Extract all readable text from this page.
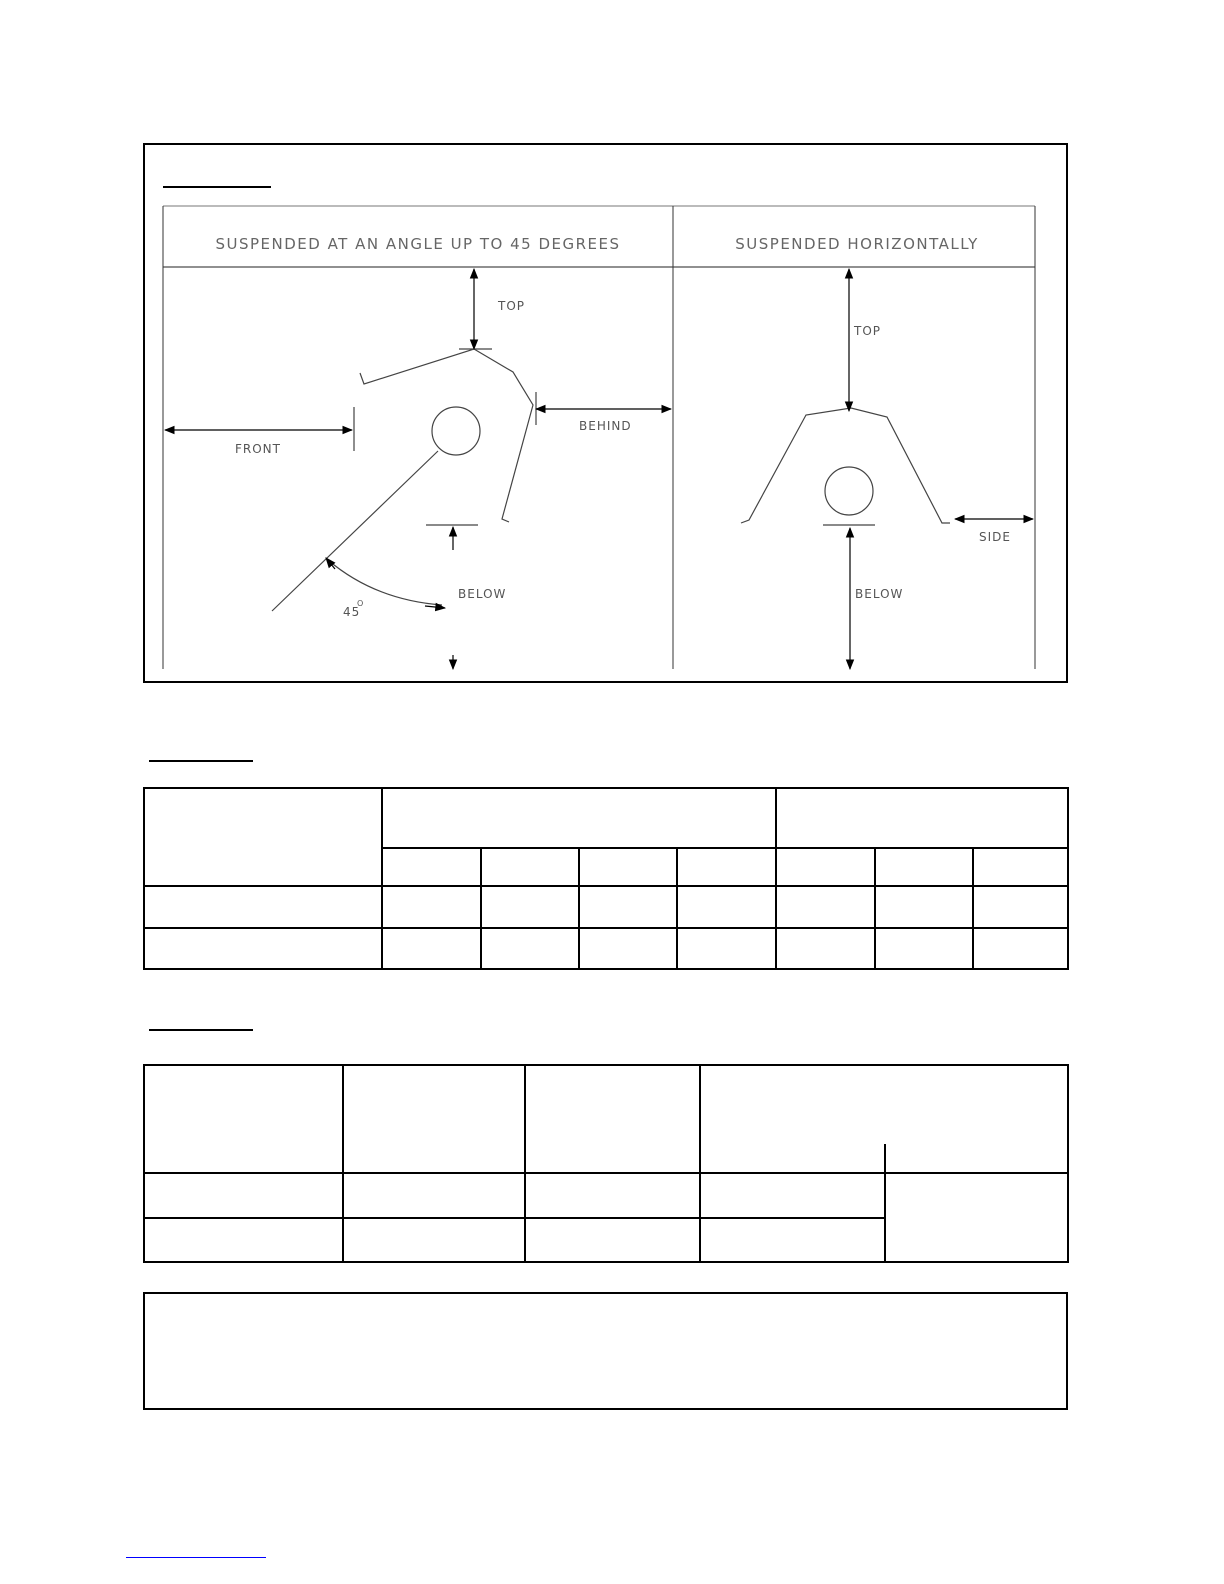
SUSPENDED AT AN ANGLE UP TO 45 DEGREES	SUSPENDED HORIZONTALLY
TOP
BEHIND
FRONT
BELOW
45
O
TOP
SIDE
BELOW
